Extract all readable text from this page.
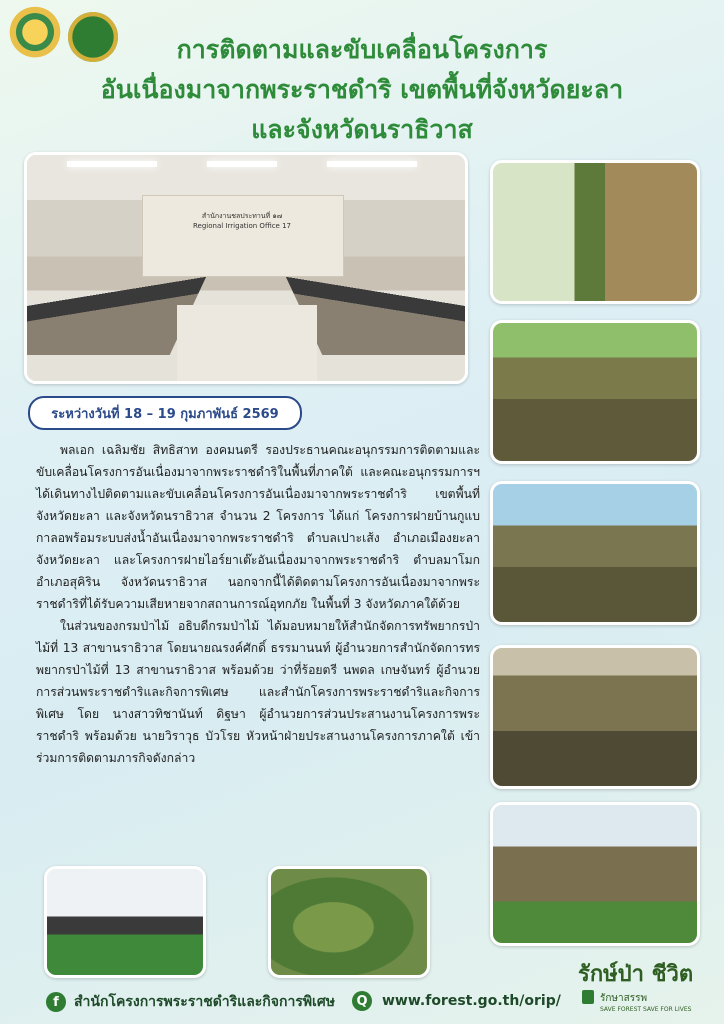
การติดตามและขับเคลื่อนโครงการ
อันเนื่องมาจากพระราชดำริ เขตพื้นที่จังหวัดยะลา
และจังหวัดนราธิวาส
สำนักงานชลประทานที่ ๑๗
Regional Irrigation Office 17
ระหว่างวันที่ 18 – 19 กุมภาพันธ์ 2569

พลเอก เฉลิมชัย สิทธิสาท องคมนตรี รองประธานคณะอนุกรรมการติดตามและขับเคลื่อนโครงการอันเนื่องมาจากพระราชดำริในพื้นที่ภาคใต้ และคณะอนุกรรมการฯ ได้เดินทางไปติดตามและขับเคลื่อนโครงการอันเนื่องมาจากพระราชดำริ เขตพื้นที่จังหวัดยะลา และจังหวัดนราธิวาส จำนวน 2 โครงการ ได้แก่ โครงการฝายบ้านกูแบกาลอพร้อมระบบส่งน้ำอันเนื่องมาจากพระราชดำริ ตำบลเปาะเส้ง อำเภอเมืองยะลา จังหวัดยะลา และโครงการฝายไอร์ยาเต๊ะอันเนื่องมาจากพระราชดำริ ตำบลมาโมก อำเภอสุคิริน จังหวัดนราธิวาส นอกจากนี้ได้ติดตามโครงการอันเนื่องมาจากพระราชดำริที่ได้รับความเสียหายจากสถานการณ์อุทกภัย ในพื้นที่ 3 จังหวัดภาคใต้ด้วย

ในส่วนของกรมป่าไม้ อธิบดีกรมป่าไม้ ได้มอบหมายให้สำนักจัดการทรัพยากรป่าไม้ที่ 13 สาขานราธิวาส โดยนายณรงค์ศักดิ์ ธรรมานนท์ ผู้อำนวยการสำนักจัดการทรพยากรป่าไม้ที่ 13 สาขานราธิวาส พร้อมด้วย ว่าที่ร้อยตรี นพดล เกษจันทร์ ผู้อำนวยการส่วนพระราชดำริและกิจการพิเศษ และสำนักโครงการพระราชดำริและกิจการพิเศษ โดย นางสาวทิชานันท์ ดิฐษา ผู้อำนวยการส่วนประสานงานโครงการพระราชดำริ พร้อมด้วย นายวิราวุธ บัวโรย หัวหน้าฝ่ายประสานงานโครงการภาคใต้ เข้าร่วมการติดตามภารกิจดังกล่าว

f	สำนักโครงการพระราชดำริและกิจการพิเศษ	Q	www.forest.go.th/orip/
รักษ์ป่า ชีวิต
รักษาสรรพ
SAVE FOREST SAVE FOR LIVES
